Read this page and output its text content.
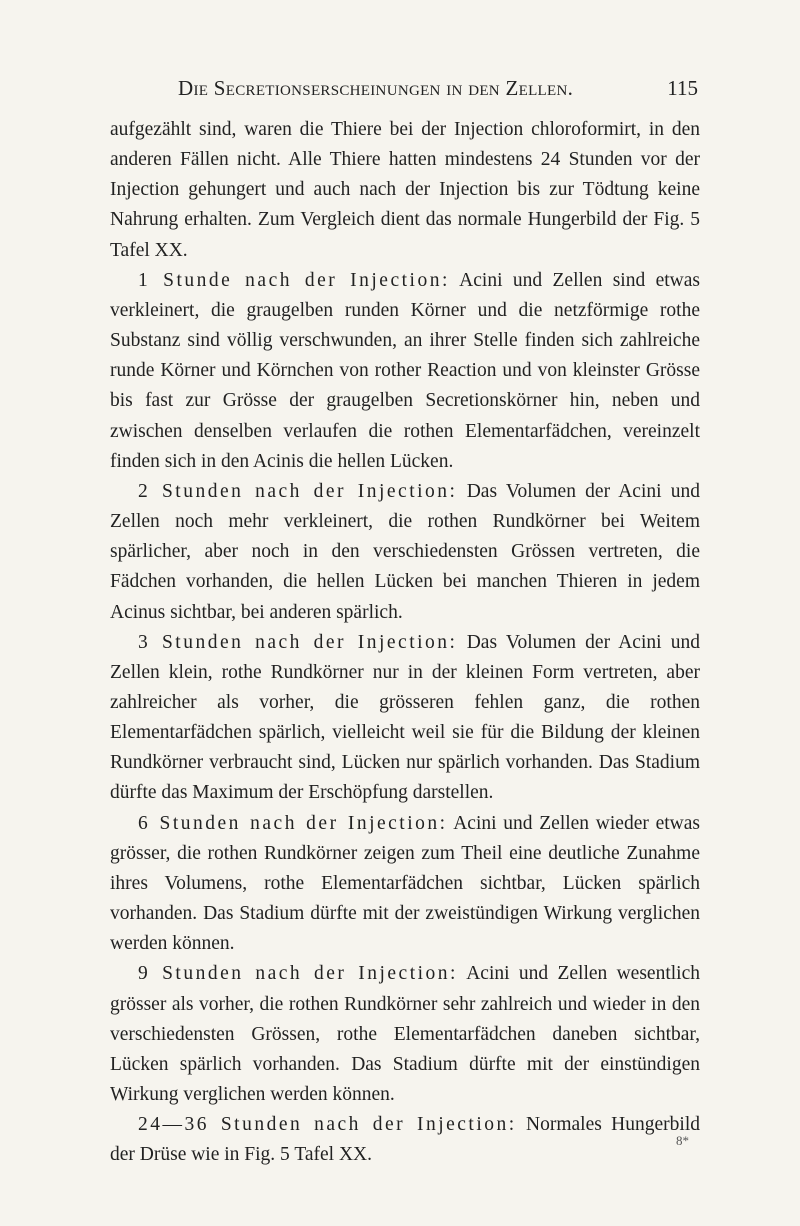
Die Secretionserscheinungen in den Zellen.	115

aufgezählt sind, waren die Thiere bei der Injection chloroformirt, in den anderen Fällen nicht. Alle Thiere hatten mindestens 24 Stunden vor der Injection gehungert und auch nach der Injection bis zur Tödtung keine Nahrung erhalten. Zum Vergleich dient das normale Hungerbild der Fig. 5 Tafel XX.

1 Stunde nach der Injection: Acini und Zellen sind etwas verkleinert, die graugelben runden Körner und die netzförmige rothe Substanz sind völlig verschwunden, an ihrer Stelle finden sich zahlreiche runde Körner und Körnchen von rother Reaction und von kleinster Grösse bis fast zur Grösse der graugelben Secretionskörner hin, neben und zwischen denselben verlaufen die rothen Elementarfädchen, vereinzelt finden sich in den Acinis die hellen Lücken.

2 Stunden nach der Injection: Das Volumen der Acini und Zellen noch mehr verkleinert, die rothen Rundkörner bei Weitem spärlicher, aber noch in den verschiedensten Grössen vertreten, die Fädchen vorhanden, die hellen Lücken bei manchen Thieren in jedem Acinus sichtbar, bei anderen spärlich.

3 Stunden nach der Injection: Das Volumen der Acini und Zellen klein, rothe Rundkörner nur in der kleinen Form vertreten, aber zahlreicher als vorher, die grösseren fehlen ganz, die rothen Elementarfädchen spärlich, vielleicht weil sie für die Bildung der kleinen Rundkörner verbraucht sind, Lücken nur spärlich vorhanden. Das Stadium dürfte das Maximum der Erschöpfung darstellen.

6 Stunden nach der Injection: Acini und Zellen wieder etwas grösser, die rothen Rundkörner zeigen zum Theil eine deutliche Zunahme ihres Volumens, rothe Elementarfädchen sichtbar, Lücken spärlich vorhanden. Das Stadium dürfte mit der zweistündigen Wirkung verglichen werden können.

9 Stunden nach der Injection: Acini und Zellen wesentlich grösser als vorher, die rothen Rundkörner sehr zahlreich und wieder in den verschiedensten Grössen, rothe Elementarfädchen daneben sichtbar, Lücken spärlich vorhanden. Das Stadium dürfte mit der einstündigen Wirkung verglichen werden können.

24—36 Stunden nach der Injection: Normales Hungerbild der Drüse wie in Fig. 5 Tafel XX.

8*
